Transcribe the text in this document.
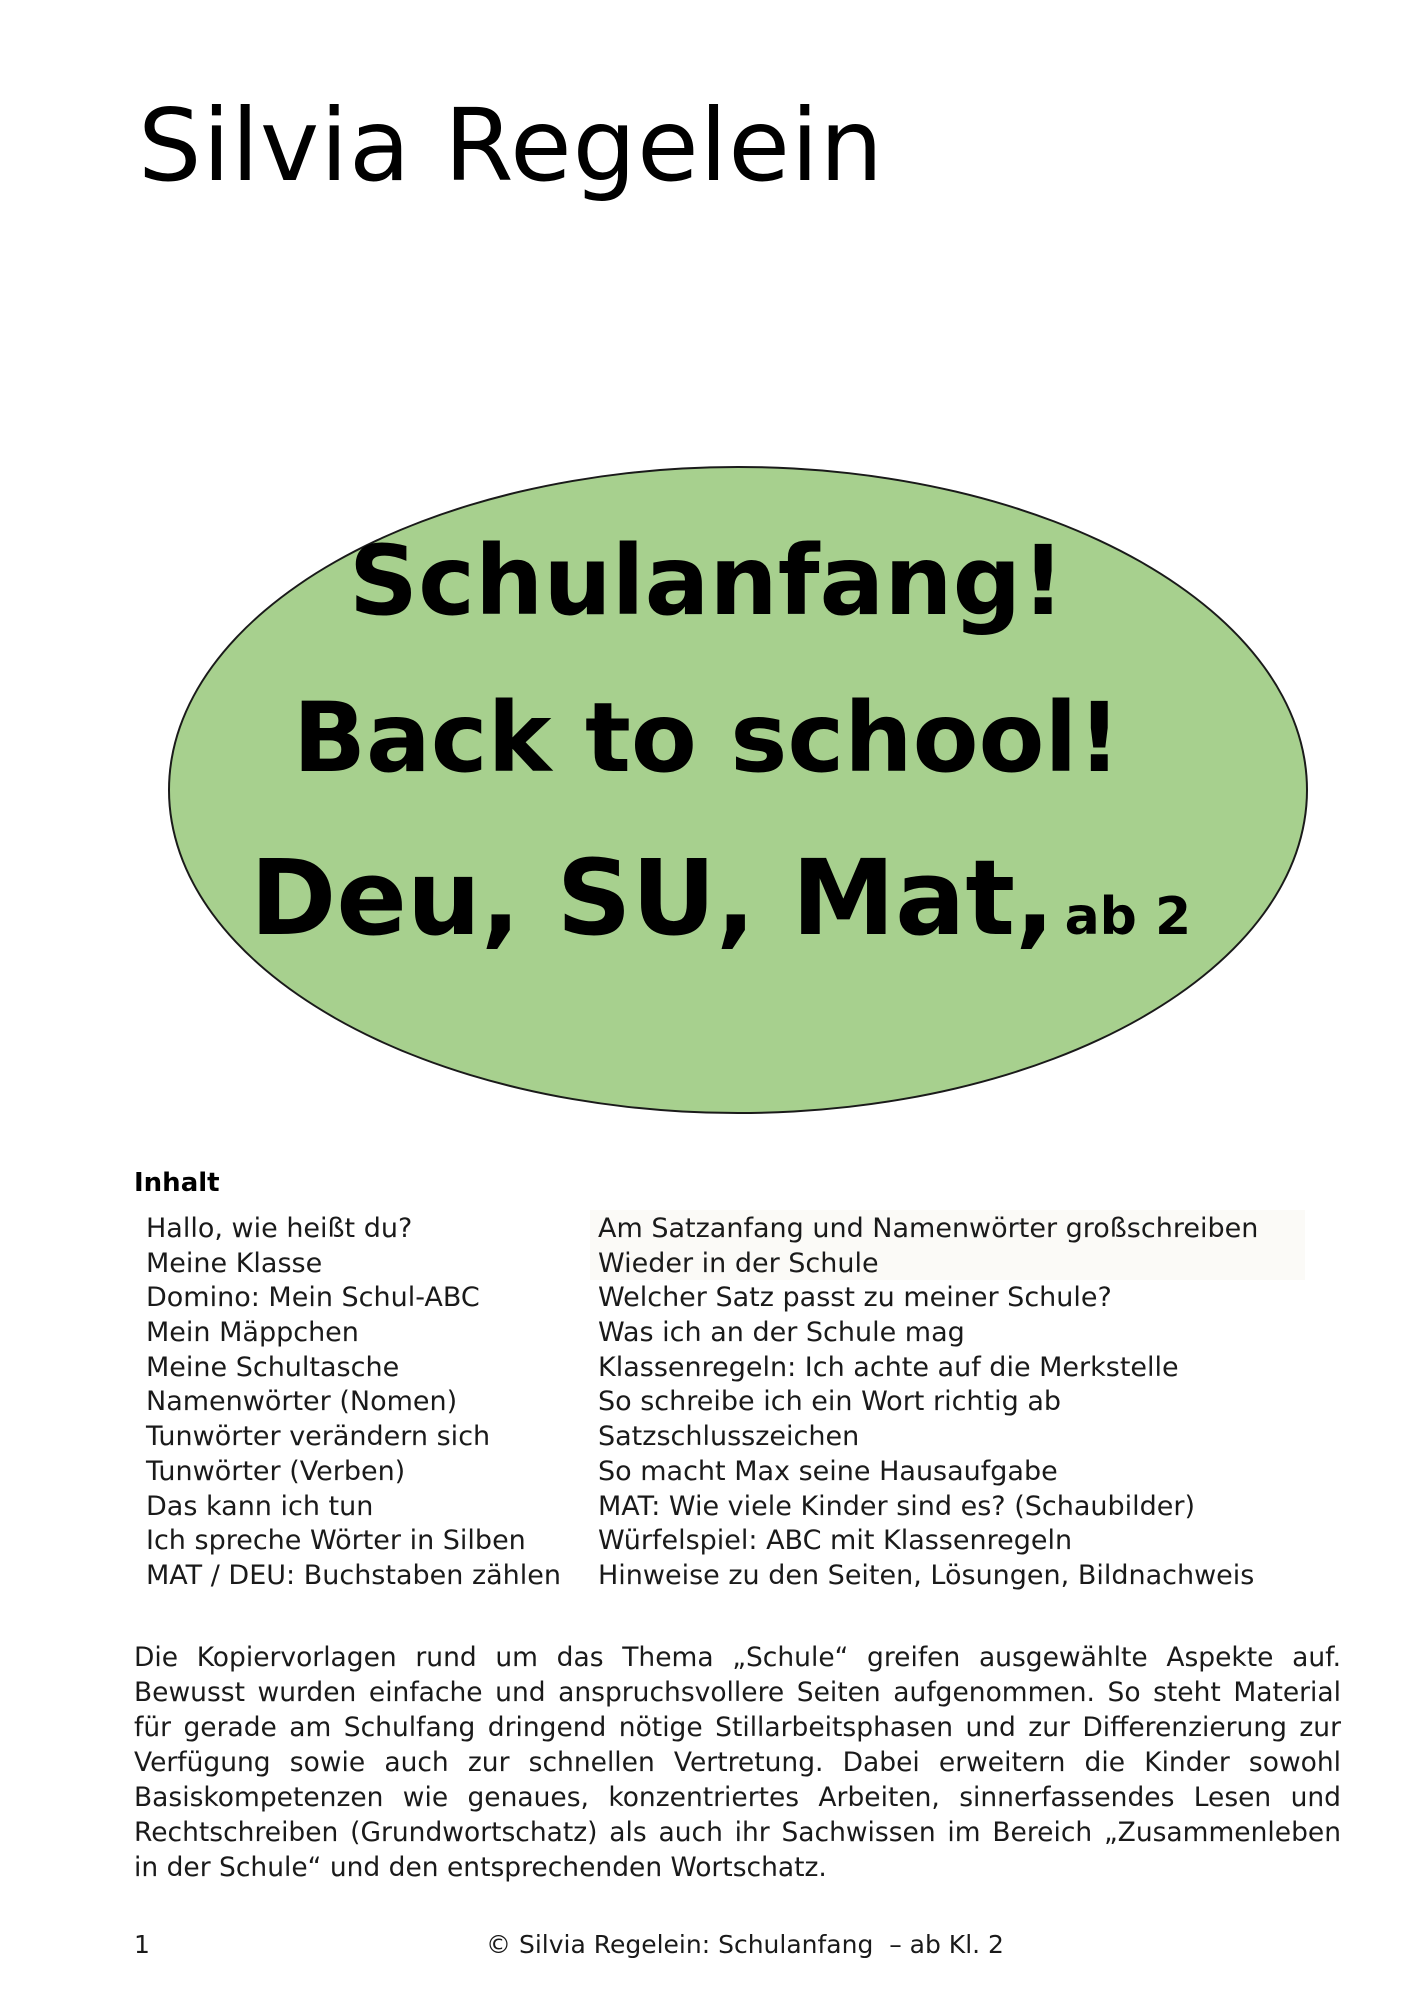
Silvia Regelein
Schulanfang!
Back to school!
Deu, SU, Mat, ab 2
Inhalt
Hallo, wie heißt du?
Meine Klasse
Domino: Mein Schul-ABC
Mein Mäppchen
Meine Schultasche
Namenwörter (Nomen)
Tunwörter verändern sich
Tunwörter (Verben)
Das kann ich tun
Ich spreche Wörter in Silben
MAT / DEU: Buchstaben zählen
Am Satzanfang und Namenwörter großschreiben
Wieder in der Schule
Welcher Satz passt zu meiner Schule?
Was ich an der Schule mag
Klassenregeln: Ich achte auf die Merkstelle
So schreibe ich ein Wort richtig ab
Satzschlusszeichen
So macht Max seine Hausaufgabe
MAT: Wie viele Kinder sind es? (Schaubilder)
Würfelspiel: ABC mit Klassenregeln
Hinweise zu den Seiten, Lösungen, Bildnachweis

Die Kopiervorlagen rund um das Thema „Schule“ greifen ausgewählte Aspekte auf. Bewusst wurden einfache und anspruchsvollere Seiten aufgenommen. So steht Material für gerade am Schulfang dringend nötige Stillarbeitsphasen und zur Differenzierung zur Verfügung sowie auch zur schnellen Vertretung. Dabei erweitern die Kinder sowohl Basiskompetenzen wie genaues, konzentriertes Arbeiten, sinnerfassendes Lesen und Rechtschreiben (Grundwortschatz) als auch ihr Sachwissen im Bereich „Zusammenleben in der Schule“ und den entsprechenden Wortschatz.

1	© Silvia Regelein: Schulanfang  – ab Kl. 2
